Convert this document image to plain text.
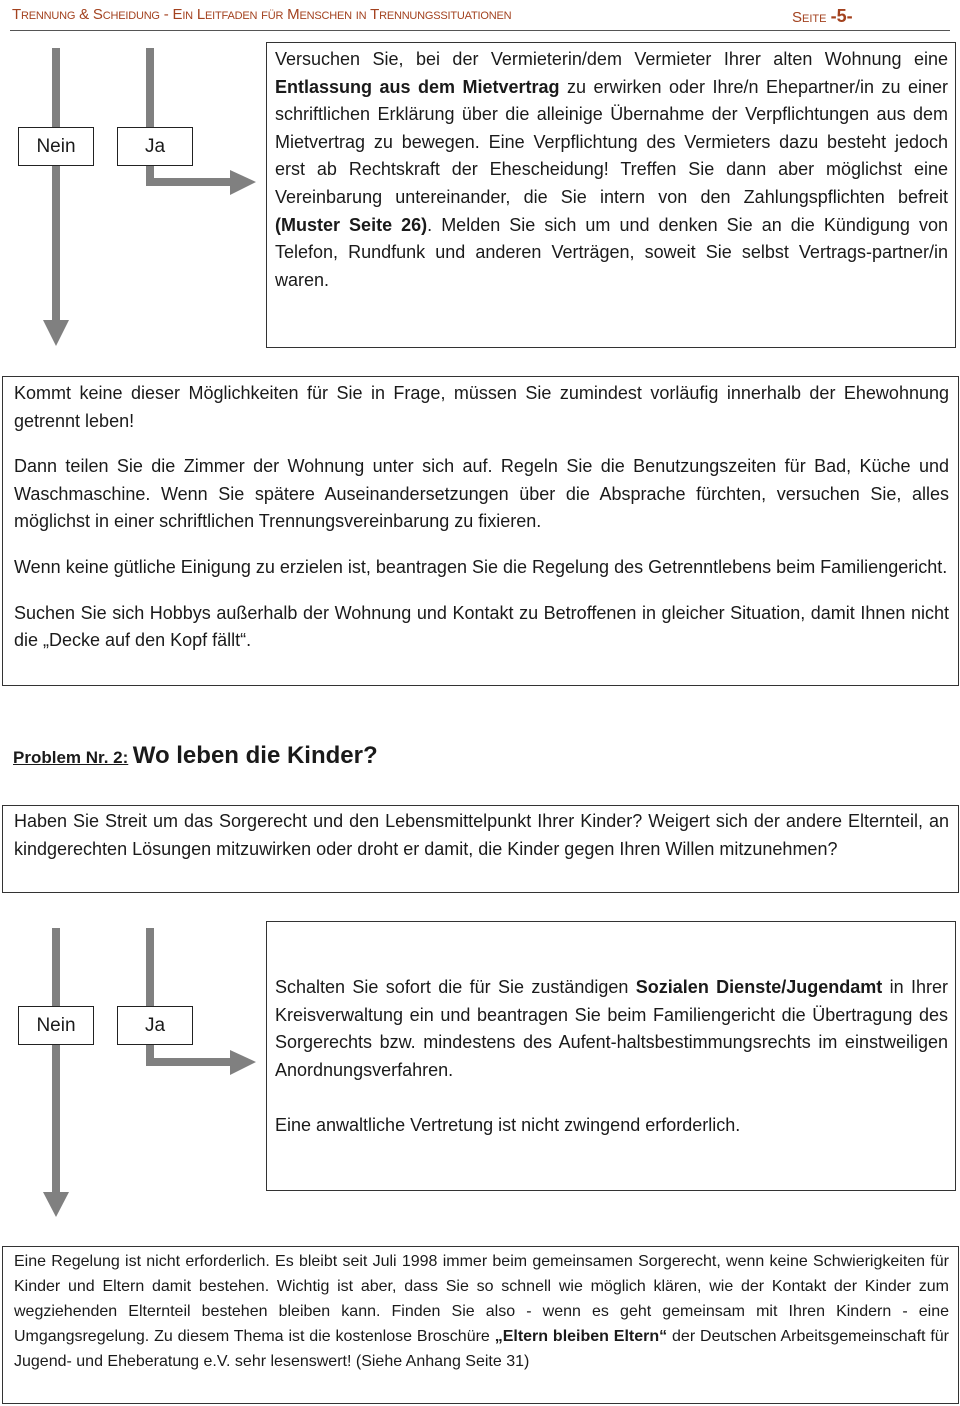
Trennung & Scheidung - Ein Leitfaden für Menschen in Trennungssituationen	Seite -5-
Nein	Ja

Versuchen Sie, bei der Vermieterin/dem Vermieter Ihrer alten Wohnung eine Entlassung aus dem Mietvertrag zu erwirken oder Ihre/n Ehepartner/in zu einer schriftlichen Erklärung über die alleinige Übernahme der Verpflichtungen aus dem Mietvertrag zu bewegen. Eine Verpflichtung des Vermieters dazu besteht jedoch erst ab Rechtskraft der Ehescheidung! Treffen Sie dann aber möglichst eine Vereinbarung untereinander, die Sie intern von den Zahlungspflichten befreit (Muster Seite 26). Melden Sie sich um und denken Sie an die Kündigung von Telefon, Rundfunk und anderen Verträgen, soweit Sie selbst Vertrags-partner/in waren.

Kommt keine dieser Möglichkeiten für Sie in Frage, müssen Sie zumindest vorläufig innerhalb der Ehewohnung getrennt leben!

Dann teilen Sie die Zimmer der Wohnung unter sich auf. Regeln Sie die Benutzungszeiten für Bad, Küche und Waschmaschine. Wenn Sie spätere Auseinandersetzungen über die Absprache fürchten, versuchen Sie, alles möglichst in einer schriftlichen Trennungsvereinbarung zu fixieren.

Wenn keine gütliche Einigung zu erzielen ist, beantragen Sie die Regelung des Getrenntlebens beim Familiengericht.

Suchen Sie sich Hobbys außerhalb der Wohnung und Kontakt zu Betroffenen in gleicher Situation, damit Ihnen nicht die „Decke auf den Kopf fällt“.

Problem Nr. 2: Wo leben die Kinder?

Haben Sie Streit um das Sorgerecht und den Lebensmittelpunkt Ihrer Kinder? Weigert sich der andere Elternteil, an kindgerechten Lösungen mitzuwirken oder droht er damit, die Kinder gegen Ihren Willen mitzunehmen?

Nein	Ja

Schalten Sie sofort die für Sie zuständigen Sozialen Dienste/Jugendamt in Ihrer Kreisverwaltung ein und beantragen Sie beim Familiengericht die Übertragung des Sorgerechts bzw. mindestens des Aufent-haltsbestimmungsrechts im einstweiligen Anordnungsverfahren.

Eine anwaltliche Vertretung ist nicht zwingend erforderlich.

Eine Regelung ist nicht erforderlich. Es bleibt seit Juli 1998 immer beim gemeinsamen Sorgerecht, wenn keine Schwierigkeiten für Kinder und Eltern damit bestehen. Wichtig ist aber, dass Sie so schnell wie möglich klären, wie der Kontakt der Kinder zum wegziehenden Elternteil bestehen bleiben kann. Finden Sie also - wenn es geht gemeinsam mit Ihren Kindern - eine Umgangsregelung. Zu diesem Thema ist die kostenlose Broschüre „Eltern bleiben Eltern“ der Deutschen Arbeitsgemeinschaft für Jugend- und Eheberatung e.V. sehr lesenswert! (Siehe Anhang Seite 31)
